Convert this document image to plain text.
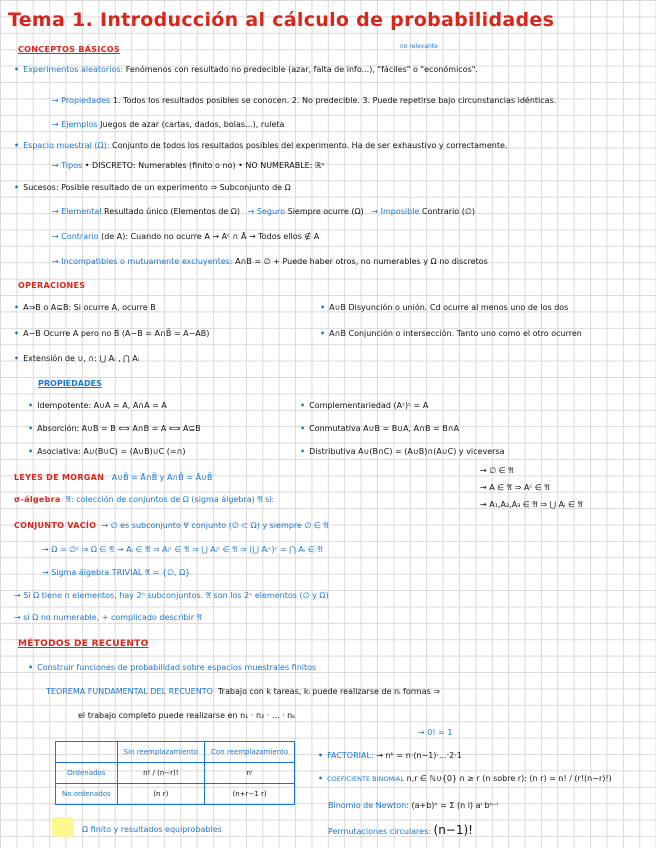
Tema 1. Introducción al cálculo de probabilidades
CONCEPTOS BÁSICOS	no relevante
• Experimentos aleatorios: Fenómenos con resultado no predecible (azar, falta de info...), "fáciles" o "económicos".
→ Propiedades 1. Todos los resultados posibles se conocen. 2. No predecible. 3. Puede repetirse bajo circunstancias idénticas.
→ Ejemplos Juegos de azar (cartas, dados, bolas...), ruleta
• Espacio muestral (Ω): Conjunto de todos los resultados posibles del experimento. Ha de ser exhaustivo y correctamente.
→ Tipos • DISCRETO: Numerables (finito o no) • NO NUMERABLE: ℝⁿ
• Sucesos: Posible resultado de un experimento ⇒ Subconjunto de Ω
→ Elemental Resultado único (Elementos de Ω) → Seguro Siempre ocurre (Ω) → Imposible Contrario (∅)
→ Contrario (de A): Cuando no ocurre A → Aᶜ ∩ Ā → Todos ellos ∉ A
→ Incompatibles o mutuamente excluyentes: A∩B = ∅ + Puede haber otros, no numerables y Ω no discretos
OPERACIONES
• A⇒B o A⊆B: Si ocurre A, ocurre B	• A∪B Disyunción o unión. Cd ocurre al menos uno de los dos
• A−B Ocurre A pero no B (A−B = A∩B̄ = A−AB)	• A∩B Conjunción o intersección. Tanto uno como el otro ocurren
• Extensión de ∪, ∩: ⋃ Aᵢ , ⋂ Aᵢ
PROPIEDADES
• Idempotente: A∪A = A, A∩A = A	• Complementariedad (Aᶜ)ᶜ = A
• Absorción: A∪B = B ⟺ A∩B = A ⟺ A⊆B	• Conmutativa A∪B = B∪A, A∩B = B∩A
• Asociativa: A∪(B∪C) = (A∪B)∪C (=∩)	• Distributiva A∪(B∩C) = (A∪B)∩(A∪C) y viceversa
LEYES DE MORGAN A∪B̄ = Ā∩B̄ y A∩B̄ = Ā∪B̄
σ-álgebra 𝔄: colección de conjuntos de Ω (sigma álgebra) 𝔄 si:
→ ∅ ∈ 𝔄
→ A ∈ 𝔄 ⇒ Aᶜ ∈ 𝔄
→ A₁,A₂,A₃ ∈ 𝔄 ⇒ ⋃ Aᵢ ∈ 𝔄
CONJUNTO VACÍO → ∅ es subconjunto ∀ conjunto (∅ ⊂ Ω) y siempre ∅ ∈ 𝔄
→ Ω = ∅ᶜ ⇒ Ω ∈ 𝔄 → Aᵢ ∈ 𝔄 ⇒ Aᵢᶜ ∈ 𝔄 ⇒ ⋃ Aᵢᶜ ∈ 𝔄 ⇒ (⋃ Aᵢᶜ)ᶜ = ⋂ Aᵢ ∈ 𝔄
→ Sigma álgebra TRIVIAL 𝔄 = {∅, Ω}
→ Si Ω tiene n elementos, hay 2ⁿ subconjuntos. 𝔄 son los 2ⁿ elementos (∅ y Ω)
→ si Ω no numerable, + complicado describir 𝔄
MÉTODOS DE RECUENTO
• Construir funciones de probabilidad sobre espacios muestrales finitos
TEOREMA FUNDAMENTAL DEL RECUENTO Trabajo con k tareas, kᵢ puede realizarse de nᵢ formas ⇒
el trabajo completo puede realizarse en n₁ · n₂ · ... · nₖ
→ 0! = 1
	Sin reemplazamiento	Con reemplazamiento
Ordenados	n! / (n−r)!	nʳ
No ordenados	(n r)	(n+r−1 r)
• FACTORIAL: → nᵏ = n·(n−1)·...·2·1
• COEFICIENTE BINOMIAL n,r ∈ ℕ∪{0} n ≥ r (n sobre r): (n r) = n! / (r!(n−r)!)
Binomio de Newton: (a+b)ⁿ = Σ (n i) aⁱ bⁿ⁻ⁱ
Ω finito y resultados equiprobables	Permutaciones circulares: (n−1)!
